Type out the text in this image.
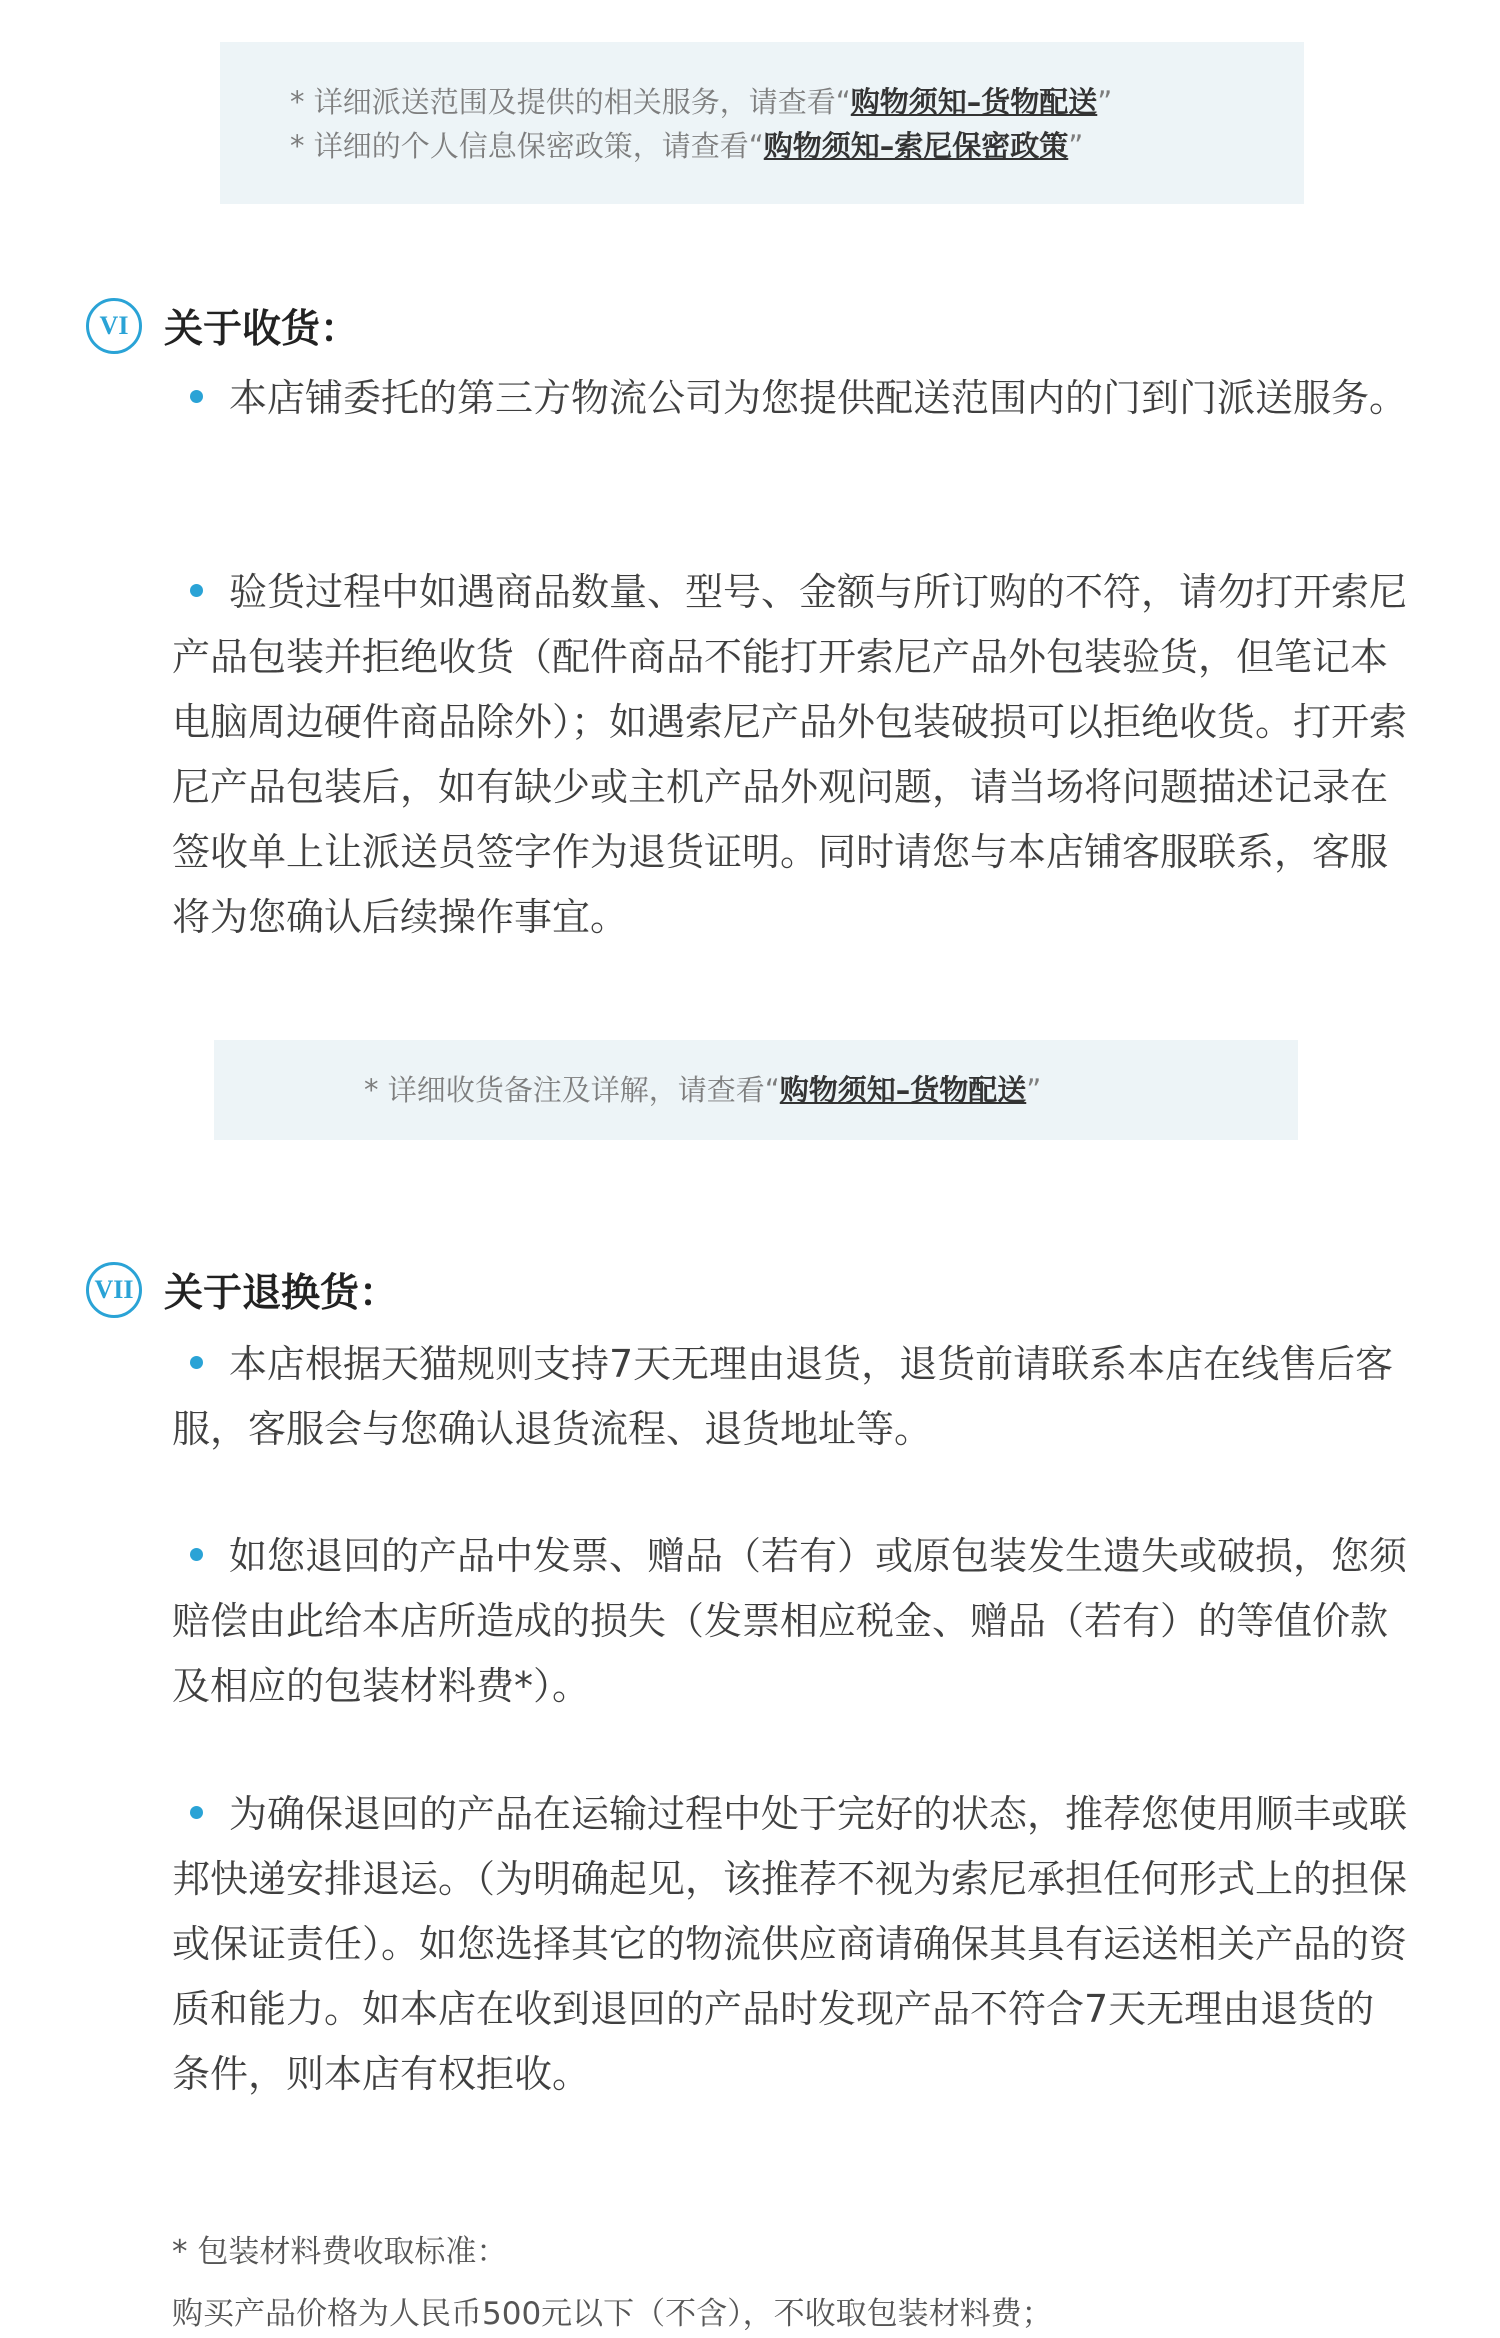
* 详细派送范围及提供的相关服务，请查看“购物须知–货物配送”
* 详细的个人信息保密政策，请查看“购物须知–索尼保密政策”
VI 关于收货：
本店铺委托的第三方物流公司为您提供配送范围内的门到门派送服务。
验货过程中如遇商品数量、型号、金额与所订购的不符，请勿打开索尼产品包装并拒绝收货（配件商品不能打开索尼产品外包装验货，但笔记本电脑周边硬件商品除外）；如遇索尼产品外包装破损可以拒绝收货。打开索尼产品包装后，如有缺少或主机产品外观问题，请当场将问题描述记录在签收单上让派送员签字作为退货证明。同时请您与本店铺客服联系，客服将为您确认后续操作事宜。
* 详细收货备注及详解，请查看“购物须知–货物配送”
VII 关于退换货：
本店根据天猫规则支持7天无理由退货，退货前请联系本店在线售后客服，客服会与您确认退货流程、退货地址等。
如您退回的产品中发票、赠品（若有）或原包装发生遗失或破损，您须赔偿由此给本店所造成的损失（发票相应税金、赠品（若有）的等值价款及相应的包装材料费*）。
为确保退回的产品在运输过程中处于完好的状态，推荐您使用顺丰或联邦快递安排退运。（为明确起见，该推荐不视为索尼承担任何形式上的担保或保证责任）。如您选择其它的物流供应商请确保其具有运送相关产品的资质和能力。如本店在收到退回的产品时发现产品不符合7天无理由退货的条件，则本店有权拒收。
* 包装材料费收取标准：
购买产品价格为人民币500元以下（不含），不收取包装材料费；
